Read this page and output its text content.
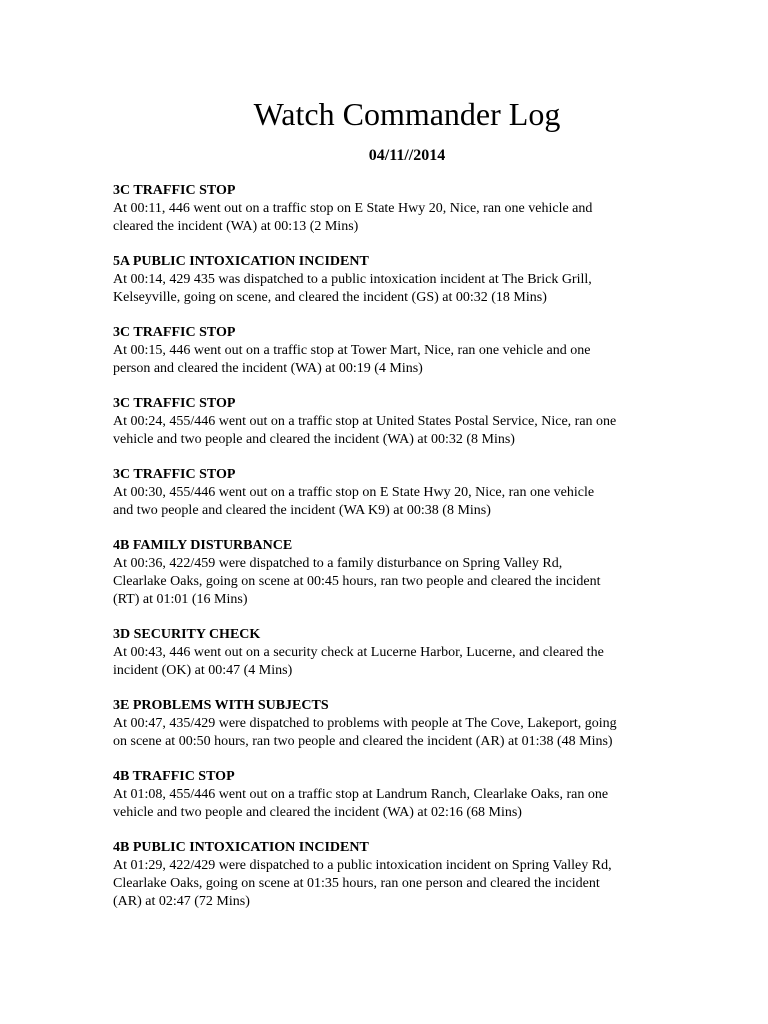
Watch Commander Log
04/11//2014
3C TRAFFIC STOP
At 00:11, 446 went out on a traffic stop on E State Hwy 20, Nice, ran one vehicle and
cleared the incident (WA) at 00:13 (2 Mins)
5A PUBLIC INTOXICATION INCIDENT
At 00:14, 429 435 was dispatched to a public intoxication incident at The Brick Grill,
Kelseyville, going on scene, and cleared the incident (GS) at 00:32 (18 Mins)
3C TRAFFIC STOP
At 00:15, 446 went out on a traffic stop at Tower Mart, Nice, ran one vehicle and one
person and cleared the incident (WA) at 00:19 (4 Mins)
3C TRAFFIC STOP
At 00:24, 455/446 went out on a traffic stop at United States Postal Service, Nice, ran one
vehicle and two people and cleared the incident (WA) at 00:32 (8 Mins)
3C TRAFFIC STOP
At 00:30, 455/446 went out on a traffic stop on E State Hwy 20, Nice, ran one vehicle
and two people and cleared the incident (WA K9) at 00:38 (8 Mins)
4B FAMILY DISTURBANCE
At 00:36, 422/459 were dispatched to a family disturbance on Spring Valley Rd,
Clearlake Oaks, going on scene at 00:45 hours, ran two people and cleared the incident
(RT) at 01:01 (16 Mins)
3D SECURITY CHECK
At 00:43, 446 went out on a security check at Lucerne Harbor, Lucerne, and cleared the
incident (OK) at 00:47 (4 Mins)
3E PROBLEMS WITH SUBJECTS
At 00:47, 435/429 were dispatched to problems with people at The Cove, Lakeport, going
on scene at 00:50 hours, ran two people and cleared the incident (AR) at 01:38 (48 Mins)
4B TRAFFIC STOP
At 01:08, 455/446 went out on a traffic stop at Landrum Ranch, Clearlake Oaks, ran one
vehicle and two people and cleared the incident (WA) at 02:16 (68 Mins)
4B PUBLIC INTOXICATION INCIDENT
At 01:29, 422/429 were dispatched to a public intoxication incident on Spring Valley Rd,
Clearlake Oaks, going on scene at 01:35 hours, ran one person and cleared the incident
(AR) at 02:47 (72 Mins)
